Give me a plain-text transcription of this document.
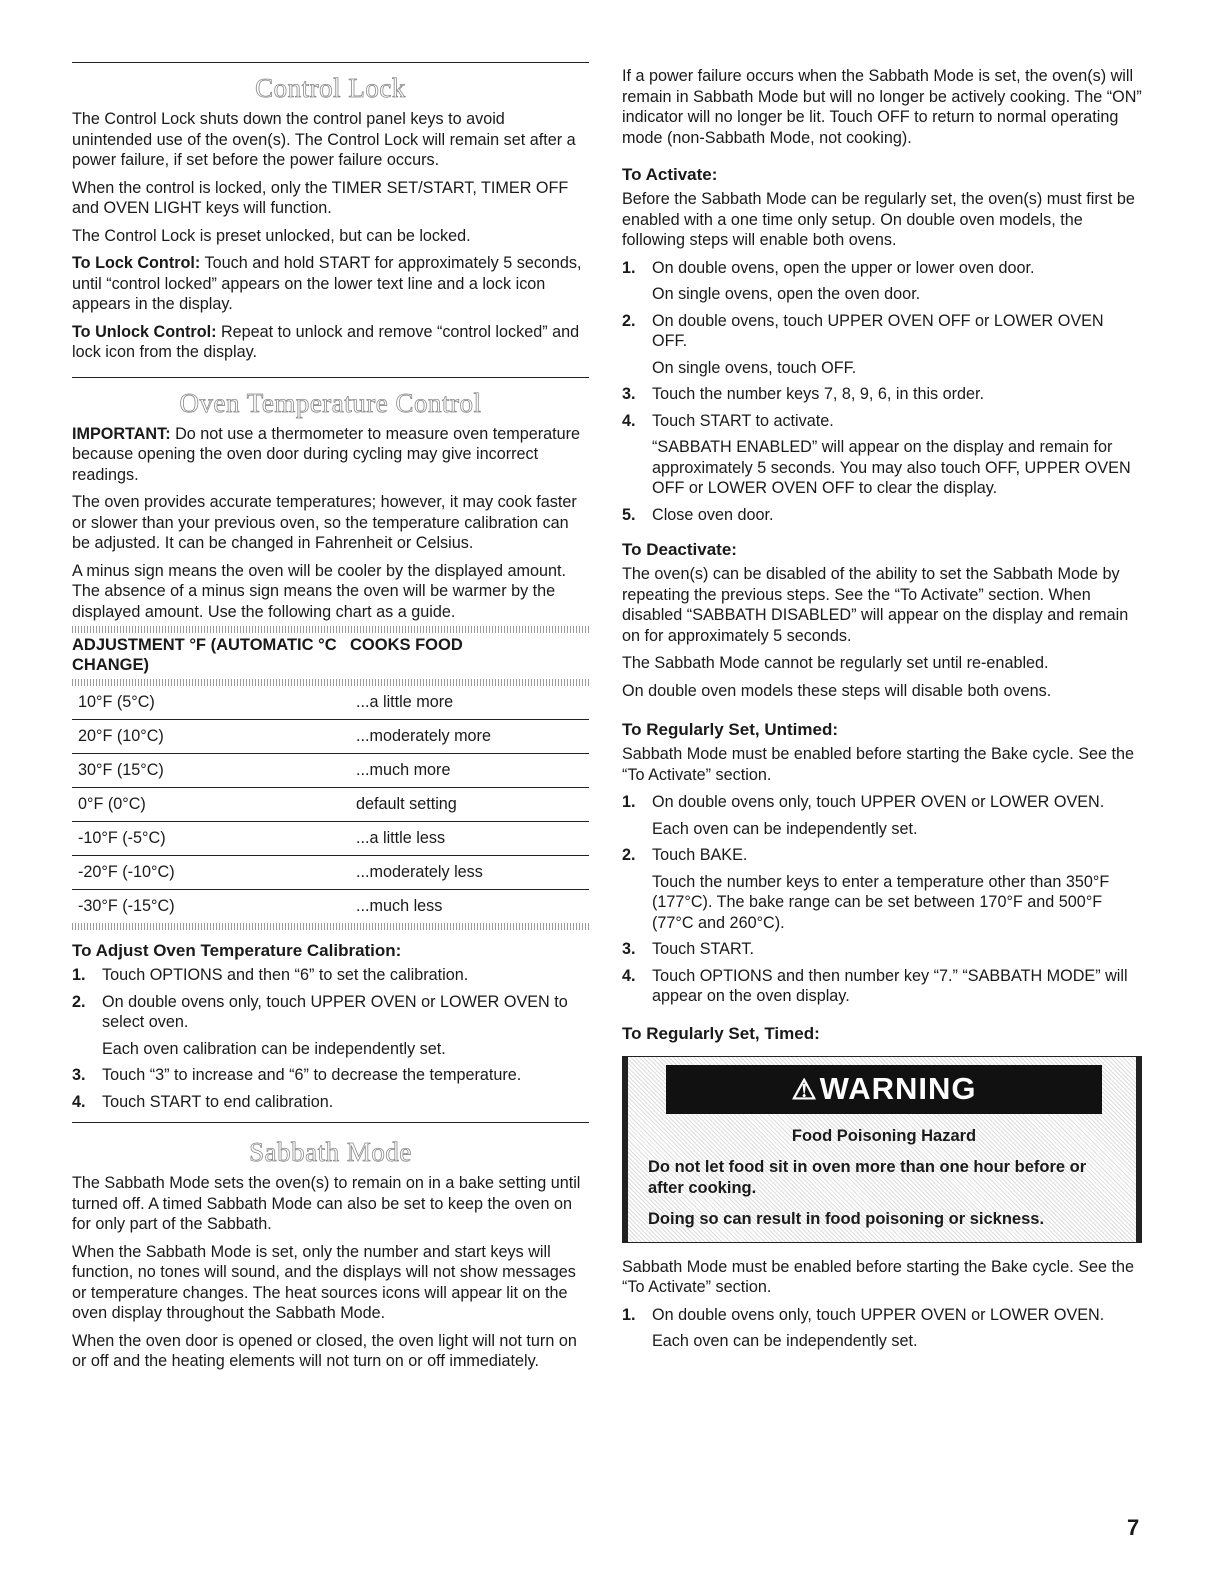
Control Lock

The Control Lock shuts down the control panel keys to avoid unintended use of the oven(s). The Control Lock will remain set after a power failure, if set before the power failure occurs.

When the control is locked, only the TIMER SET/START, TIMER OFF and OVEN LIGHT keys will function.

The Control Lock is preset unlocked, but can be locked.

To Lock Control: Touch and hold START for approximately 5 seconds, until “control locked” appears on the lower text line and a lock icon appears in the display.

To Unlock Control: Repeat to unlock and remove “control locked” and lock icon from the display.

Oven Temperature Control

IMPORTANT: Do not use a thermometer to measure oven temperature because opening the oven door during cycling may give incorrect readings.

The oven provides accurate temperatures; however, it may cook faster or slower than your previous oven, so the temperature calibration can be adjusted. It can be changed in Fahrenheit or Celsius.

A minus sign means the oven will be cooler by the displayed amount. The absence of a minus sign means the oven will be warmer by the displayed amount. Use the following chart as a guide.

ADJUSTMENT °F (AUTOMATIC °C CHANGE)	COOKS FOOD
10°F (5°C)	...a little more
20°F (10°C)	...moderately more
30°F (15°C)	...much more
0°F (0°C)	default setting
-10°F (-5°C)	...a little less
-20°F (-10°C)	...moderately less
-30°F (-15°C)	...much less
To Adjust Oven Temperature Calibration:
1. Touch OPTIONS and then “6” to set the calibration.
2. On double ovens only, touch UPPER OVEN or LOWER OVEN to select oven.
Each oven calibration can be independently set.
3. Touch “3” to increase and “6” to decrease the temperature.
4. Touch START to end calibration.
Sabbath Mode

The Sabbath Mode sets the oven(s) to remain on in a bake setting until turned off. A timed Sabbath Mode can also be set to keep the oven on for only part of the Sabbath.

When the Sabbath Mode is set, only the number and start keys will function, no tones will sound, and the displays will not show messages or temperature changes. The heat sources icons will appear lit on the oven display throughout the Sabbath Mode.

When the oven door is opened or closed, the oven light will not turn on or off and the heating elements will not turn on or off immediately.

If a power failure occurs when the Sabbath Mode is set, the oven(s) will remain in Sabbath Mode but will no longer be actively cooking. The “ON” indicator will no longer be lit. Touch OFF to return to normal operating mode (non-Sabbath Mode, not cooking).

To Activate:

Before the Sabbath Mode can be regularly set, the oven(s) must first be enabled with a one time only setup. On double oven models, the following steps will enable both ovens.

1. On double ovens, open the upper or lower oven door.
On single ovens, open the oven door.
2. On double ovens, touch UPPER OVEN OFF or LOWER OVEN OFF.
On single ovens, touch OFF.
3. Touch the number keys 7, 8, 9, 6, in this order.
4. Touch START to activate.
“SABBATH ENABLED” will appear on the display and remain for approximately 5 seconds. You may also touch OFF, UPPER OVEN OFF or LOWER OVEN OFF to clear the display.
5. Close oven door.
To Deactivate:

The oven(s) can be disabled of the ability to set the Sabbath Mode by repeating the previous steps. See the “To Activate” section. When disabled “SABBATH DISABLED” will appear on the display and remain on for approximately 5 seconds.

The Sabbath Mode cannot be regularly set until re-enabled.

On double oven models these steps will disable both ovens.

To Regularly Set, Untimed:

Sabbath Mode must be enabled before starting the Bake cycle. See the “To Activate” section.

1. On double ovens only, touch UPPER OVEN or LOWER OVEN.
Each oven can be independently set.
2. Touch BAKE.
Touch the number keys to enter a temperature other than 350°F (177°C). The bake range can be set between 170°F and 500°F (77°C and 260°C).
3. Touch START.
4. Touch OPTIONS and then number key “7.” “SABBATH MODE” will appear on the oven display.
To Regularly Set, Timed:
⚠WARNING

Food Poisoning Hazard

Do not let food sit in oven more than one hour before or after cooking.

Doing so can result in food poisoning or sickness.

Sabbath Mode must be enabled before starting the Bake cycle. See the “To Activate” section.

1. On double ovens only, touch UPPER OVEN or LOWER OVEN.
Each oven can be independently set.
7
